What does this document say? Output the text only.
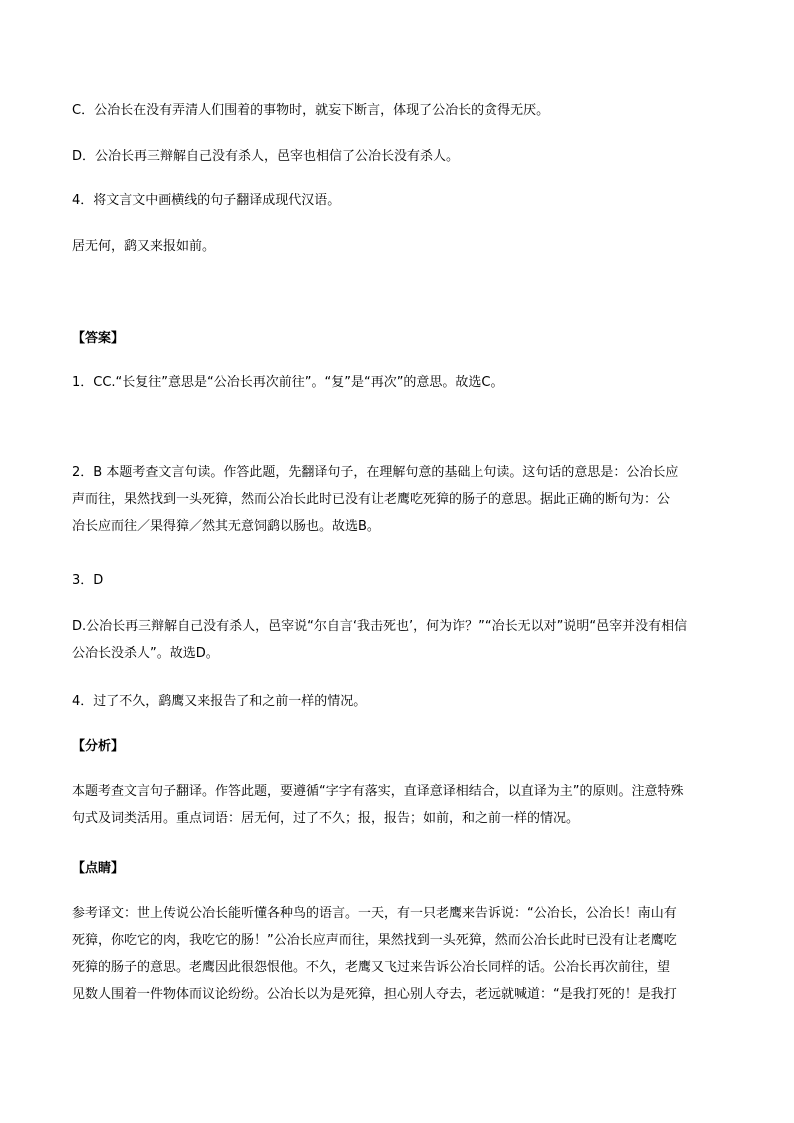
C．公冶长在没有弄清人们围着的事物时，就妄下断言，体现了公冶长的贪得无厌。
D．公冶长再三辩解自己没有杀人，邑宰也相信了公冶长没有杀人。
4．将文言文中画横线的句子翻译成现代汉语。
居无何，鹞又来报如前。
【答案】
1．CC.“长复往”意思是“公冶长再次前往”。“复”是“再次”的意思。故选C。
2．B 本题考查文言句读。作答此题，先翻译句子，在理解句意的基础上句读。这句话的意思是：公冶长应
声而往，果然找到一头死獐，然而公冶长此时已没有让老鹰吃死獐的肠子的意思。据此正确的断句为：公
冶长应而往／果得獐／然其无意饲鹞以肠也。故选B。
3．D
D.公冶长再三辩解自己没有杀人，邑宰说“尔自言‘我击死也’，何为诈？”“冶长无以对”说明“邑宰并没有相信
公冶长没杀人”。故选D。
4．过了不久，鹞鹰又来报告了和之前一样的情况。
【分析】
本题考查文言句子翻译。作答此题，要遵循“字字有落实，直译意译相结合，以直译为主”的原则。注意特殊
句式及词类活用。重点词语：居无何，过了不久；报，报告；如前，和之前一样的情况。
【点睛】
参考译文：世上传说公冶长能听懂各种鸟的语言。一天，有一只老鹰来告诉说：“公冶长，公冶长！南山有
死獐，你吃它的肉，我吃它的肠！”公冶长应声而往，果然找到一头死獐，然而公冶长此时已没有让老鹰吃
死獐的肠子的意思。老鹰因此很怨恨他。不久，老鹰又飞过来告诉公冶长同样的话。公冶长再次前往，望
见数人围着一件物体而议论纷纷。公冶长以为是死獐，担心别人夺去，老远就喊道：“是我打死的！是我打
